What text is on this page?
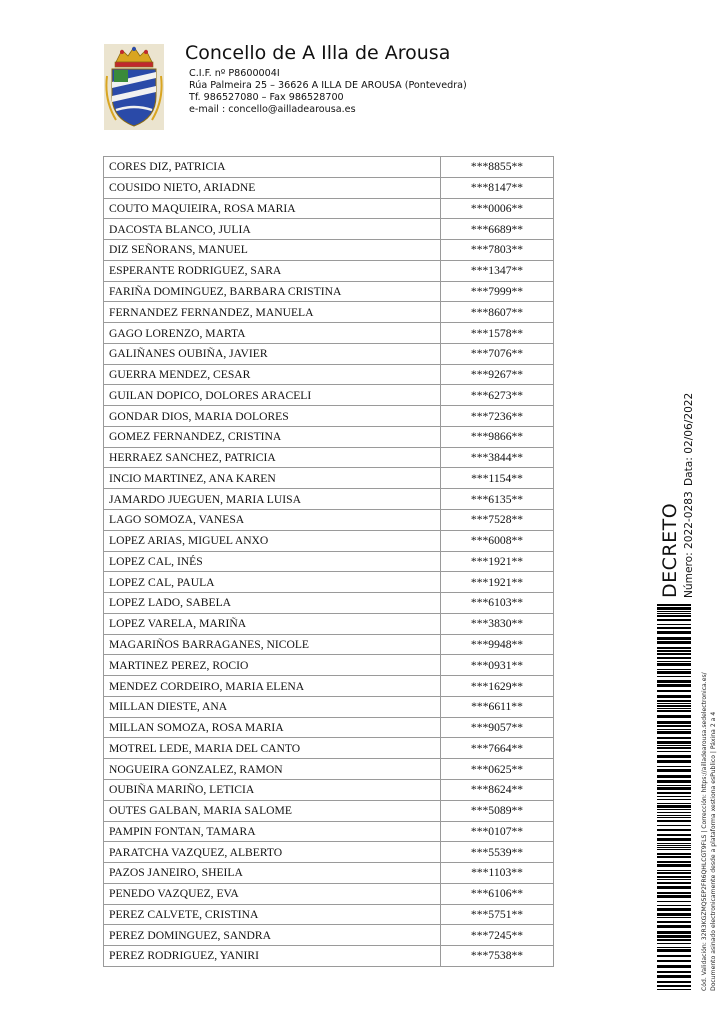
Concello de A Illa de Arousa
C.I.F. nº P8600004I
Rúa Palmeira 25 – 36626 A ILLA DE AROUSA (Pontevedra)
Tf. 986527080 – Fax 986528700
e-mail : concello@ailladearousa.es
CORES DIZ, PATRICIA	***8855**
COUSIDO NIETO, ARIADNE	***8147**
COUTO MAQUIEIRA, ROSA MARIA	***0006**
DACOSTA BLANCO, JULIA	***6689**
DIZ SEÑORANS, MANUEL	***7803**
ESPERANTE RODRIGUEZ, SARA	***1347**
FARIÑA DOMINGUEZ, BARBARA CRISTINA	***7999**
FERNANDEZ FERNANDEZ, MANUELA	***8607**
GAGO LORENZO, MARTA	***1578**
GALIÑANES OUBIÑA, JAVIER	***7076**
GUERRA MENDEZ, CESAR	***9267**
GUILAN DOPICO, DOLORES ARACELI	***6273**
GONDAR DIOS, MARIA DOLORES	***7236**
GOMEZ FERNANDEZ, CRISTINA	***9866**
HERRAEZ SANCHEZ, PATRICIA	***3844**
INCIO MARTINEZ, ANA KAREN	***1154**
JAMARDO JUEGUEN, MARIA LUISA	***6135**
LAGO SOMOZA, VANESA	***7528**
LOPEZ ARIAS, MIGUEL ANXO	***6008**
LOPEZ CAL, INÉS	***1921**
LOPEZ CAL, PAULA	***1921**
LOPEZ LADO, SABELA	***6103**
LOPEZ VARELA, MARIÑA	***3830**
MAGARIÑOS BARRAGANES, NICOLE	***9948**
MARTINEZ PEREZ, ROCIO	***0931**
MENDEZ CORDEIRO, MARIA ELENA	***1629**
MILLAN DIESTE, ANA	***6611**
MILLAN SOMOZA, ROSA MARIA	***9057**
MOTREL LEDE, MARIA DEL CANTO	***7664**
NOGUEIRA GONZALEZ, RAMON	***0625**
OUBIÑA MARIÑO, LETICIA	***8624**
OUTES GALBAN, MARIA SALOME	***5089**
PAMPIN FONTAN, TAMARA	***0107**
PARATCHA VAZQUEZ, ALBERTO	***5539**
PAZOS JANEIRO, SHEILA	***1103**
PENEDO VAZQUEZ, EVA	***6106**
PEREZ CALVETE, CRISTINA	***5751**
PEREZ DOMINGUEZ, SANDRA	***7245**
PEREZ RODRIGUEZ, YANIRI	***7538**
DECRETO Número: 2022-0283
Data: 02/06/2022
Cód. Validación: 32R3KGZMQ5EP2FR6QHLCGT9FLS | Corrección: https://ailladearousa.sedelectronica.es/ Documento asinado electronicamente desde a plataforma xestiona esPublico | Páxina 2 a 4
